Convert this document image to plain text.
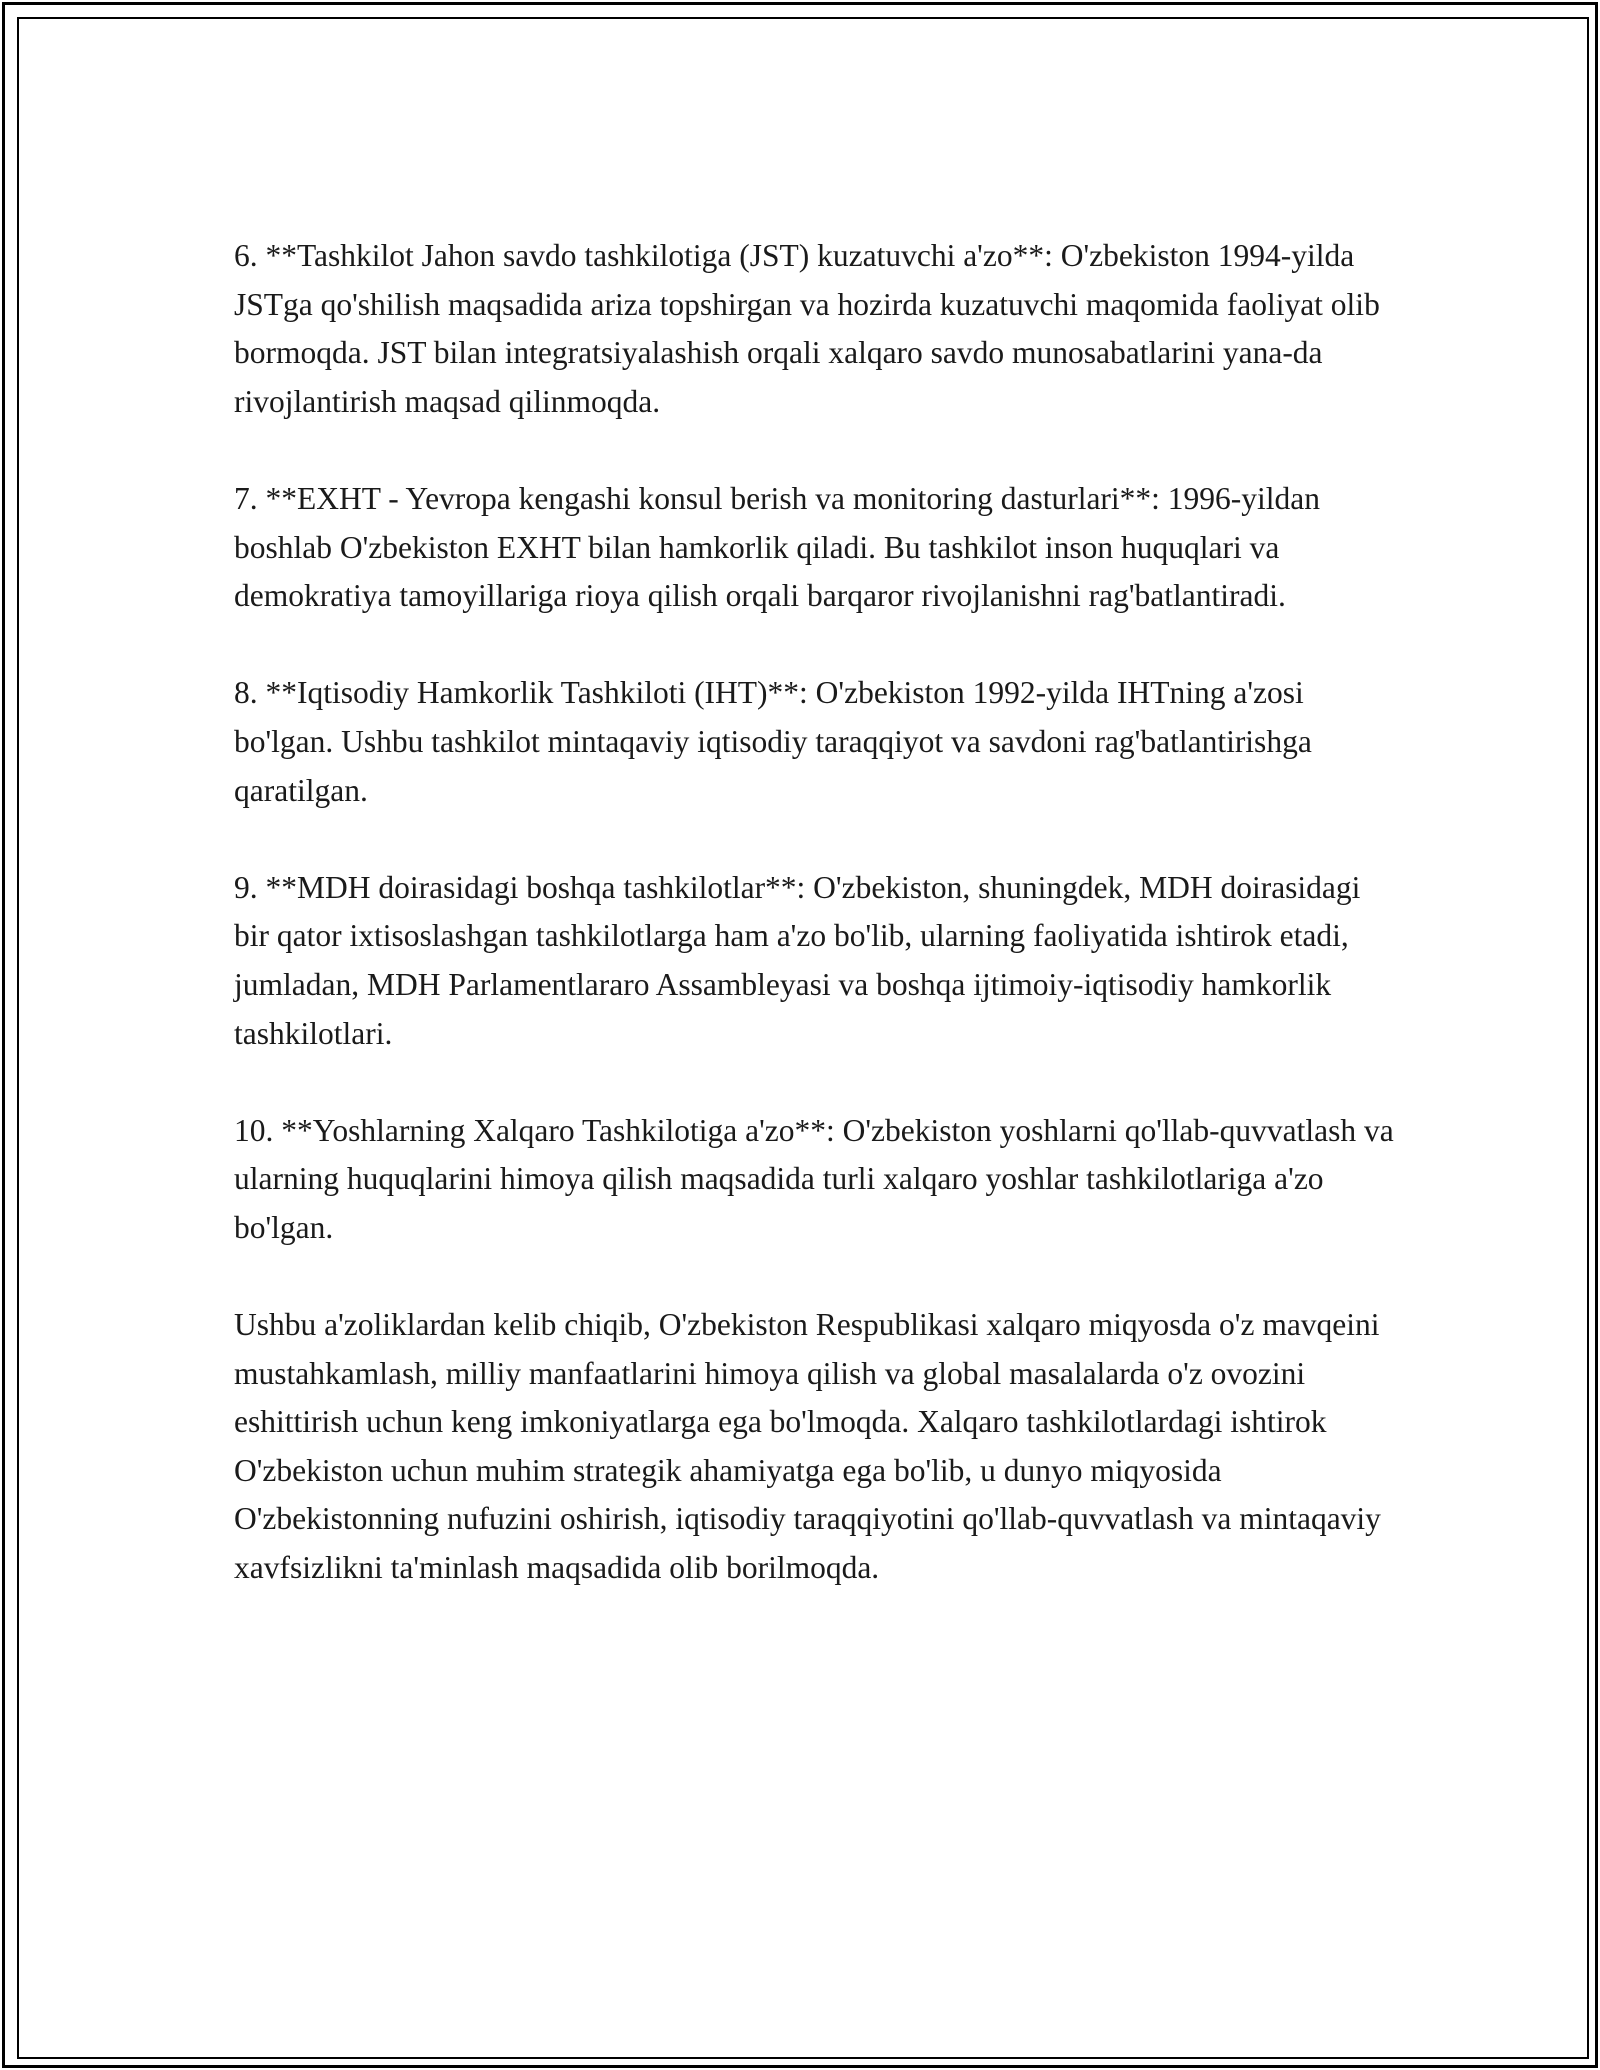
6. **Tashkilot Jahon savdo tashkilotiga (JST) kuzatuvchi a'zo**: O'zbekiston 1994-yilda JSTga qo'shilish maqsadida ariza topshirgan va hozirda kuzatuvchi maqomida faoliyat olib bormoqda. JST bilan integratsiyalashish orqali xalqaro savdo munosabatlarini yana-da rivojlantirish maqsad qilinmoqda.

7. **EXHT - Yevropa kengashi konsul berish va monitoring dasturlari**: 1996-yildan boshlab O'zbekiston EXHT bilan hamkorlik qiladi. Bu tashkilot inson huquqlari va demokratiya tamoyillariga rioya qilish orqali barqaror rivojlanishni rag'batlantiradi.

8. **Iqtisodiy Hamkorlik Tashkiloti (IHT)**: O'zbekiston 1992-yilda IHTning a'zosi bo'lgan. Ushbu tashkilot mintaqaviy iqtisodiy taraqqiyot va savdoni rag'batlantirishga qaratilgan.

9. **MDH doirasidagi boshqa tashkilotlar**: O'zbekiston, shuningdek, MDH doirasidagi bir qator ixtisoslashgan tashkilotlarga ham a'zo bo'lib, ularning faoliyatida ishtirok etadi, jumladan, MDH Parlamentlararo Assambleyasi va boshqa ijtimoiy-iqtisodiy hamkorlik tashkilotlari.

10. **Yoshlarning Xalqaro Tashkilotiga a'zo**: O'zbekiston yoshlarni qo'llab-quvvatlash va ularning huquqlarini himoya qilish maqsadida turli xalqaro yoshlar tashkilotlariga a'zo bo'lgan.

Ushbu a'zoliklardan kelib chiqib, O'zbekiston Respublikasi xalqaro miqyosda o'z mavqeini mustahkamlash, milliy manfaatlarini himoya qilish va global masalalarda o'z ovozini eshittirish uchun keng imkoniyatlarga ega bo'lmoqda. Xalqaro tashkilotlardagi ishtirok O'zbekiston uchun muhim strategik ahamiyatga ega bo'lib, u dunyo miqyosida O'zbekistonning nufuzini oshirish, iqtisodiy taraqqiyotini qo'llab-quvvatlash va mintaqaviy xavfsizlikni ta'minlash maqsadida olib borilmoqda.
